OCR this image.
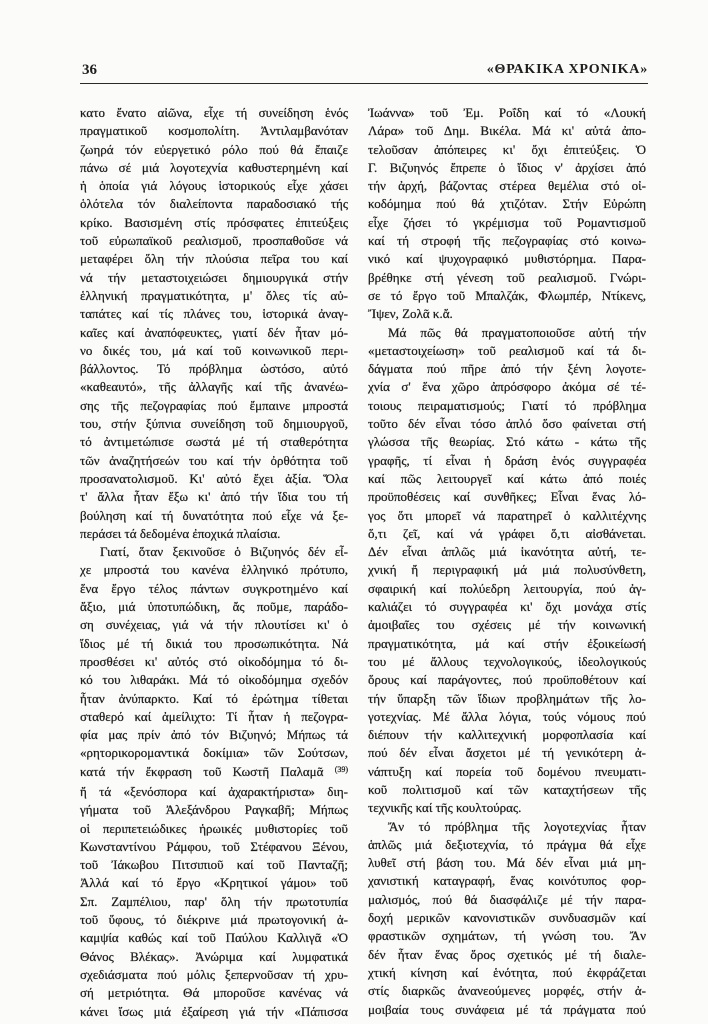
36	«ΘΡΑΚΙΚΑ ΧΡΟΝΙΚΑ»
κατο ἔνατο αἰῶνα, εἶχε τή συνείδηση ἑνός
πραγματικοῦ κοσμοπολίτη. Ἀντιλαμβανόταν
ζωηρά τόν εὐεργετικό ρόλο πού θά ἔπαιζε
πάνω σέ μιά λογοτεχνία καθυστερημένη καί
ἡ ὁποία γιά λόγους ἱστορικούς εἶχε χάσει
ὁλότελα τόν διαλείποντα παραδοσιακό τής
κρίκο. Βασισμένη στίς πρόσφατες ἐπιτεύξεις
τοῦ εὐρωπαϊκοῦ ρεαλισμοῦ, προσπαθοῦσε νά
μεταφέρει ὅλη τήν πλούσια πεῖρα του καί
νά τήν μεταστοιχειώσει δημιουργικά στήν
ἑλληνική πραγματικότητα, μ' ὅλες τίς αὐ-
ταπάτες καί τίς πλάνες του, ἱστορικά ἀναγ-
καῖες καί ἀναπόφευκτες, γιατί δέν ἦταν μό-
νο δικές του, μά καί τοῦ κοινωνικοῦ περι-
βάλλοντος. Τό πρόβλημα ὡστόσο, αὐτό
«καθεαυτό», τῆς ἀλλαγῆς καί τῆς ἀνανέω-
σης τῆς πεζογραφίας πού ἔμπαινε μπροστά
του, στήν ξύπνια συνείδηση τοῦ δημιουργοῦ,
τό ἀντιμετώπισε σωστά μέ τή σταθερότητα
τῶν ἀναζητήσεών του καί τήν ὀρθότητα τοῦ
προσανατολισμοῦ. Κι' αὐτό ἔχει ἀξία. Ὅλα
τ' ἄλλα ἦταν ἔξω κι' ἀπό τήν ἴδια του τή
βούληση καί τή δυνατότητα πού εἶχε νά ξε-
περάσει τά δεδομένα ἐποχικά πλαίσια.
Γιατί, ὅταν ξεκινοῦσε ὁ Βιζυηνός δέν εἶ-
χε μπροστά του κανένα ἑλληνικό πρότυπο,
ἕνα ἔργο τέλος πάντων συγκροτημένο καί
ἄξιο, μιά ὑποτυπώδικη, ἄς ποῦμε, παράδο-
ση συνέχειας, γιά νά τήν πλουτίσει κι' ὁ
ἴδιος μέ τή δικιά του προσωπικότητα. Νά
προσθέσει κι' αὐτός στό οἰκοδόμημα τό δι-
κό του λιθαράκι. Μά τό οἰκοδόμημα σχεδόν
ἦταν ἀνύπαρκτο. Καί τό ἐρώτημα τίθεται
σταθερό καί ἀμείλιχτο: Τί ἦταν ἡ πεζογρα-
φία μας πρίν ἀπό τόν Βιζυηνό; Μήπως τά
«ρητορικορομαντικά δοκίμια» τῶν Σούτσων,
κατά τήν ἔκφραση τοῦ Κωστῆ Παλαμᾶ $^{(39)}$
ἤ τά «ξενόσπορα καί ἀχαρακτήριστα» διη-
γήματα τοῦ Ἀλεξάνδρου Ραγκαβῆ; Μήπως
οἱ περιπετειώδικες ἡρωικές μυθιστορίες τοῦ
Κωνσταντίνου Ράμφου, τοῦ Στέφανου Ξένου,
τοῦ Ἰάκωβου Πιτσιπιοῦ καί τοῦ Πανταζῆ;
Ἀλλά καί τό ἔργο «Κρητικοί γάμοι» τοῦ
Σπ. Ζαμπέλιου, παρ' ὅλη τήν πρωτοτυπία
τοῦ ὕφους, τό διέκρινε μιά πρωτογονική ἀ-
καμψία καθώς καί τοῦ Παύλου Καλλιγᾶ «Ὁ
Θάνος Βλέκας». Ἀνώριμα καί λυμφατικά
σχεδιάσματα πού μόλις ξεπερνοῦσαν τή χρυ-
σή μετριότητα. Θά μποροῦσε κανένας νά
κάνει ἴσως μιά ἐξαίρεση γιά τήν «Πάπισσα
Ἰωάννα» τοῦ Ἐμ. Ροΐδη καί τό «Λουκή
Λάρα» τοῦ Δημ. Βικέλα. Μά κι' αὐτά ἀπο-
τελοῦσαν ἀπόπειρες κι' ὄχι ἐπιτεύξεις. Ὁ
Γ. Βιζυηνός ἔπρεπε ὁ ἴδιος ν' ἀρχίσει ἀπό
τήν ἀρχή, βάζοντας στέρεα θεμέλια στό οἰ-
κοδόμημα πού θά χτιζόταν. Στήν Εὐρώπη
εἶχε ζήσει τό γκρέμισμα τοῦ Ρομαντισμοῦ
καί τή στροφή τῆς πεζογραφίας στό κοινω-
νικό καί ψυχογραφικό μυθιστόρημα. Παρα-
βρέθηκε στή γένεση τοῦ ρεαλισμοῦ. Γνώρι-
σε τό ἔργο τοῦ Μπαλζάκ, Φλωμπέρ, Ντίκενς,
Ἴψεν, Ζολᾶ κ.ἄ.
Μά πῶς θά πραγματοποιοῦσε αὐτή τήν
«μεταστοιχείωση» τοῦ ρεαλισμοῦ καί τά δι-
δάγματα πού πῆρε ἀπό τήν ξένη λογοτε-
χνία σ' ἕνα χῶρο ἀπρόσφορο ἀκόμα σέ τέ-
τοιους πειραματισμούς; Γιατί τό πρόβλημα
τοῦτο δέν εἶναι τόσο ἁπλό ὅσο φαίνεται στή
γλώσσα τῆς θεωρίας. Στό κάτω - κάτω τῆς
γραφῆς, τί εἶναι ἡ δράση ἑνός συγγραφέα
καί πῶς λειτουργεῖ καί κάτω ἀπό ποιές
προϋποθέσεις καί συνθῆκες; Εἶναι ἕνας λό-
γος ὅτι μπορεῖ νά παρατηρεῖ ὁ καλλιτέχνης
ὅ,τι ζεῖ, καί νά γράφει ὅ,τι αἰσθάνεται.
Δέν εἶναι ἁπλῶς μιά ἱκανότητα αὐτή, τε-
χνική ἤ περιγραφική μά μιά πολυσύνθετη,
σφαιρική καί πολύεδρη λειτουργία, πού ἀγ-
καλιάζει τό συγγραφέα κι' ὄχι μονάχα στίς
ἀμοιβαῖες του σχέσεις μέ τήν κοινωνική
πραγματικότητα, μά καί στήν ἐξοικείωσή
του μέ ἄλλους τεχνολογικούς, ἰδεολογικούς
ὅρους καί παράγοντες, πού προϋποθέτουν καί
τήν ὕπαρξη τῶν ἴδιων προβλημάτων τῆς λο-
γοτεχνίας. Μέ ἄλλα λόγια, τούς νόμους πού
διέπουν τήν καλλιτεχνική μορφοπλασία καί
πού δέν εἶναι ἄσχετοι μέ τή γενικότερη ἀ-
νάπτυξη καί πορεία τοῦ δομένου πνευματι-
κοῦ πολιτισμοῦ καί τῶν καταχτήσεων τῆς
τεχνικῆς καί τῆς κουλτούρας.
Ἄν τό πρόβλημα τῆς λογοτεχνίας ἦταν
ἁπλῶς μιά δεξιοτεχνία, τό πράγμα θά εἶχε
λυθεῖ στή βάση του. Μά δέν εἶναι μιά μη-
χανιστική καταγραφή, ἕνας κοινότυπος φορ-
μαλισμός, πού θά διασφάλιζε μέ τήν παρα-
δοχή μερικῶν κανονιστικῶν συνδυασμῶν καί
φραστικῶν σχημάτων, τή γνώση του. Ἄν
δέν ἦταν ἕνας ὅρος σχετικός μέ τή διαλε-
χτική κίνηση καί ἑνότητα, πού ἐκφράζεται
στίς διαρκῶς ἀνανεούμενες μορφές, στήν ἀ-
μοιβαία τους συνάφεια μέ τά πράγματα πού
